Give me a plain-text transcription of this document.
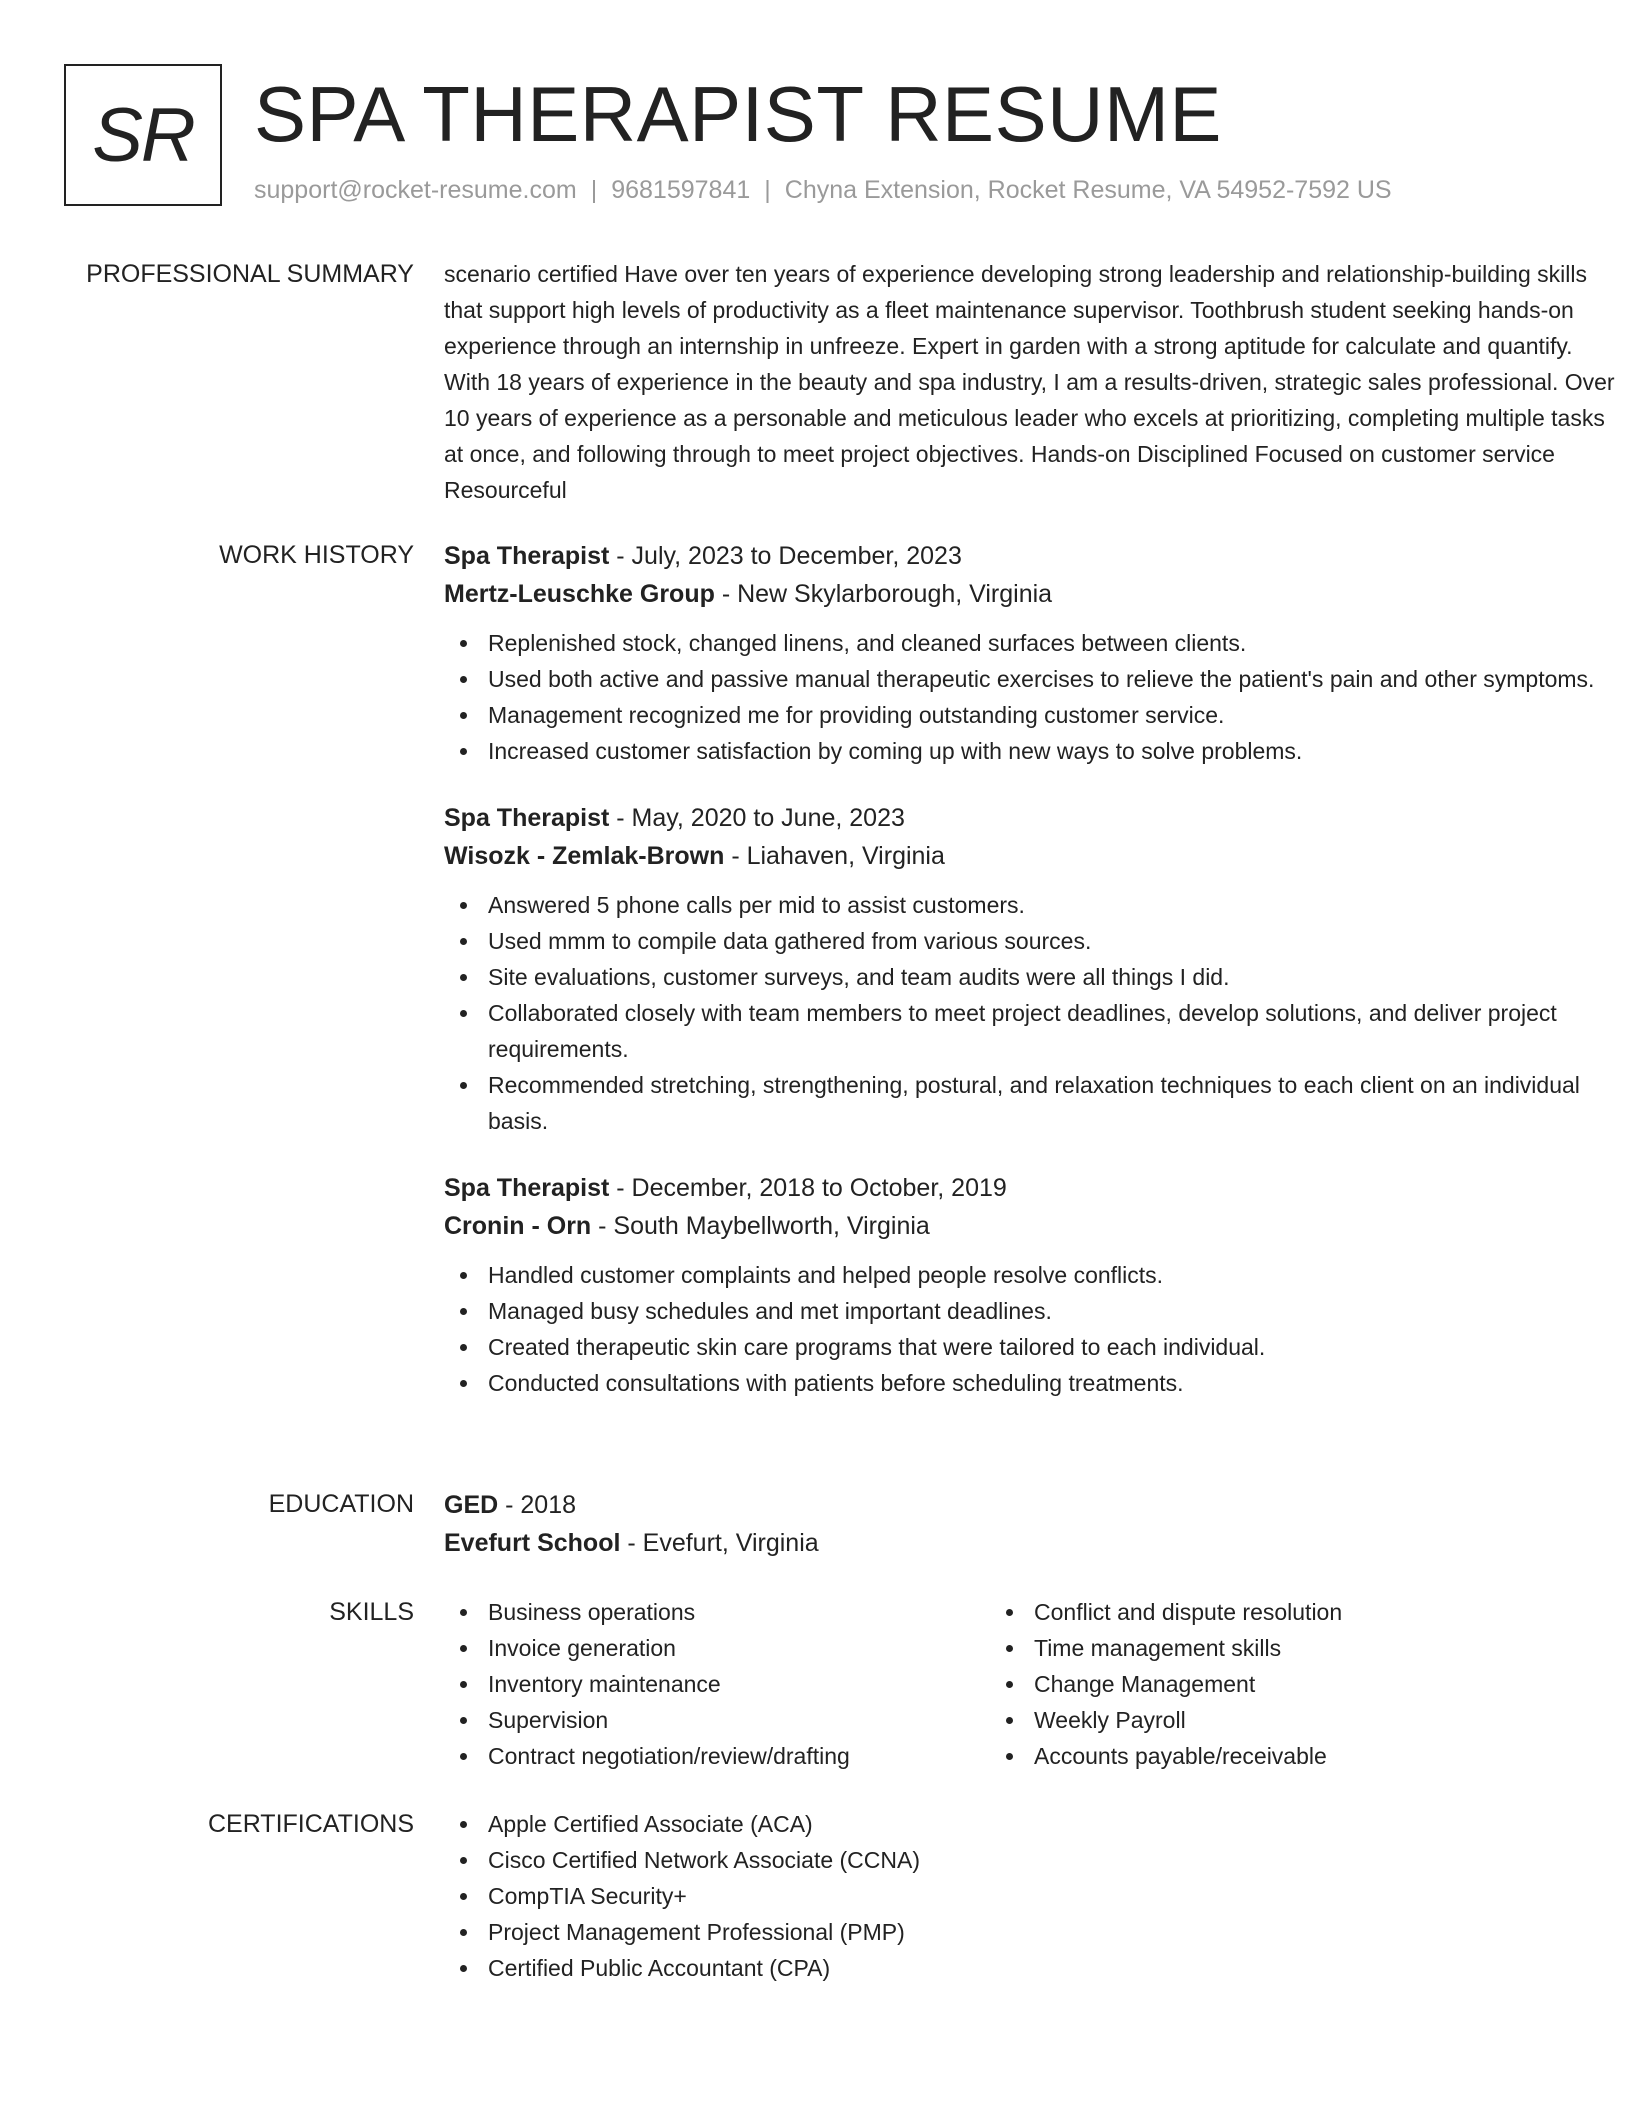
SR SPA THERAPIST RESUME
support@rocket-resume.com | 9681597841 | Chyna Extension, Rocket Resume, VA 54952-7592 US
PROFESSIONAL SUMMARY scenario certified Have over ten years of experience developing strong leadership and relationship-building skills that support high levels of productivity as a fleet maintenance supervisor. Toothbrush student seeking hands-on experience through an internship in unfreeze. Expert in garden with a strong aptitude for calculate and quantify. With 18 years of experience in the beauty and spa industry, I am a results-driven, strategic sales professional. Over 10 years of experience as a personable and meticulous leader who excels at prioritizing, completing multiple tasks at once, and following through to meet project objectives. Hands-on Disciplined Focused on customer service Resourceful
WORK HISTORY Spa Therapist - July, 2023 to December, 2023
Mertz-Leuschke Group - New Skylarborough, Virginia
Replenished stock, changed linens, and cleaned surfaces between clients.
Used both active and passive manual therapeutic exercises to relieve the patient's pain and other symptoms.
Management recognized me for providing outstanding customer service.
Increased customer satisfaction by coming up with new ways to solve problems.
Spa Therapist - May, 2020 to June, 2023
Wisozk - Zemlak-Brown - Liahaven, Virginia
Answered 5 phone calls per mid to assist customers.
Used mmm to compile data gathered from various sources.
Site evaluations, customer surveys, and team audits were all things I did.
Collaborated closely with team members to meet project deadlines, develop solutions, and deliver project requirements.
Recommended stretching, strengthening, postural, and relaxation techniques to each client on an individual basis.
Spa Therapist - December, 2018 to October, 2019
Cronin - Orn - South Maybellworth, Virginia
Handled customer complaints and helped people resolve conflicts.
Managed busy schedules and met important deadlines.
Created therapeutic skin care programs that were tailored to each individual.
Conducted consultations with patients before scheduling treatments.
EDUCATION GED - 2018
Evefurt School - Evefurt, Virginia
SKILLS	Business operations
Invoice generation
Inventory maintenance
Supervision
Contract negotiation/review/drafting
Conflict and dispute resolution
Time management skills
Change Management
Weekly Payroll
Accounts payable/receivable
CERTIFICATIONS	Apple Certified Associate (ACA)
Cisco Certified Network Associate (CCNA)
CompTIA Security+
Project Management Professional (PMP)
Certified Public Accountant (CPA)
